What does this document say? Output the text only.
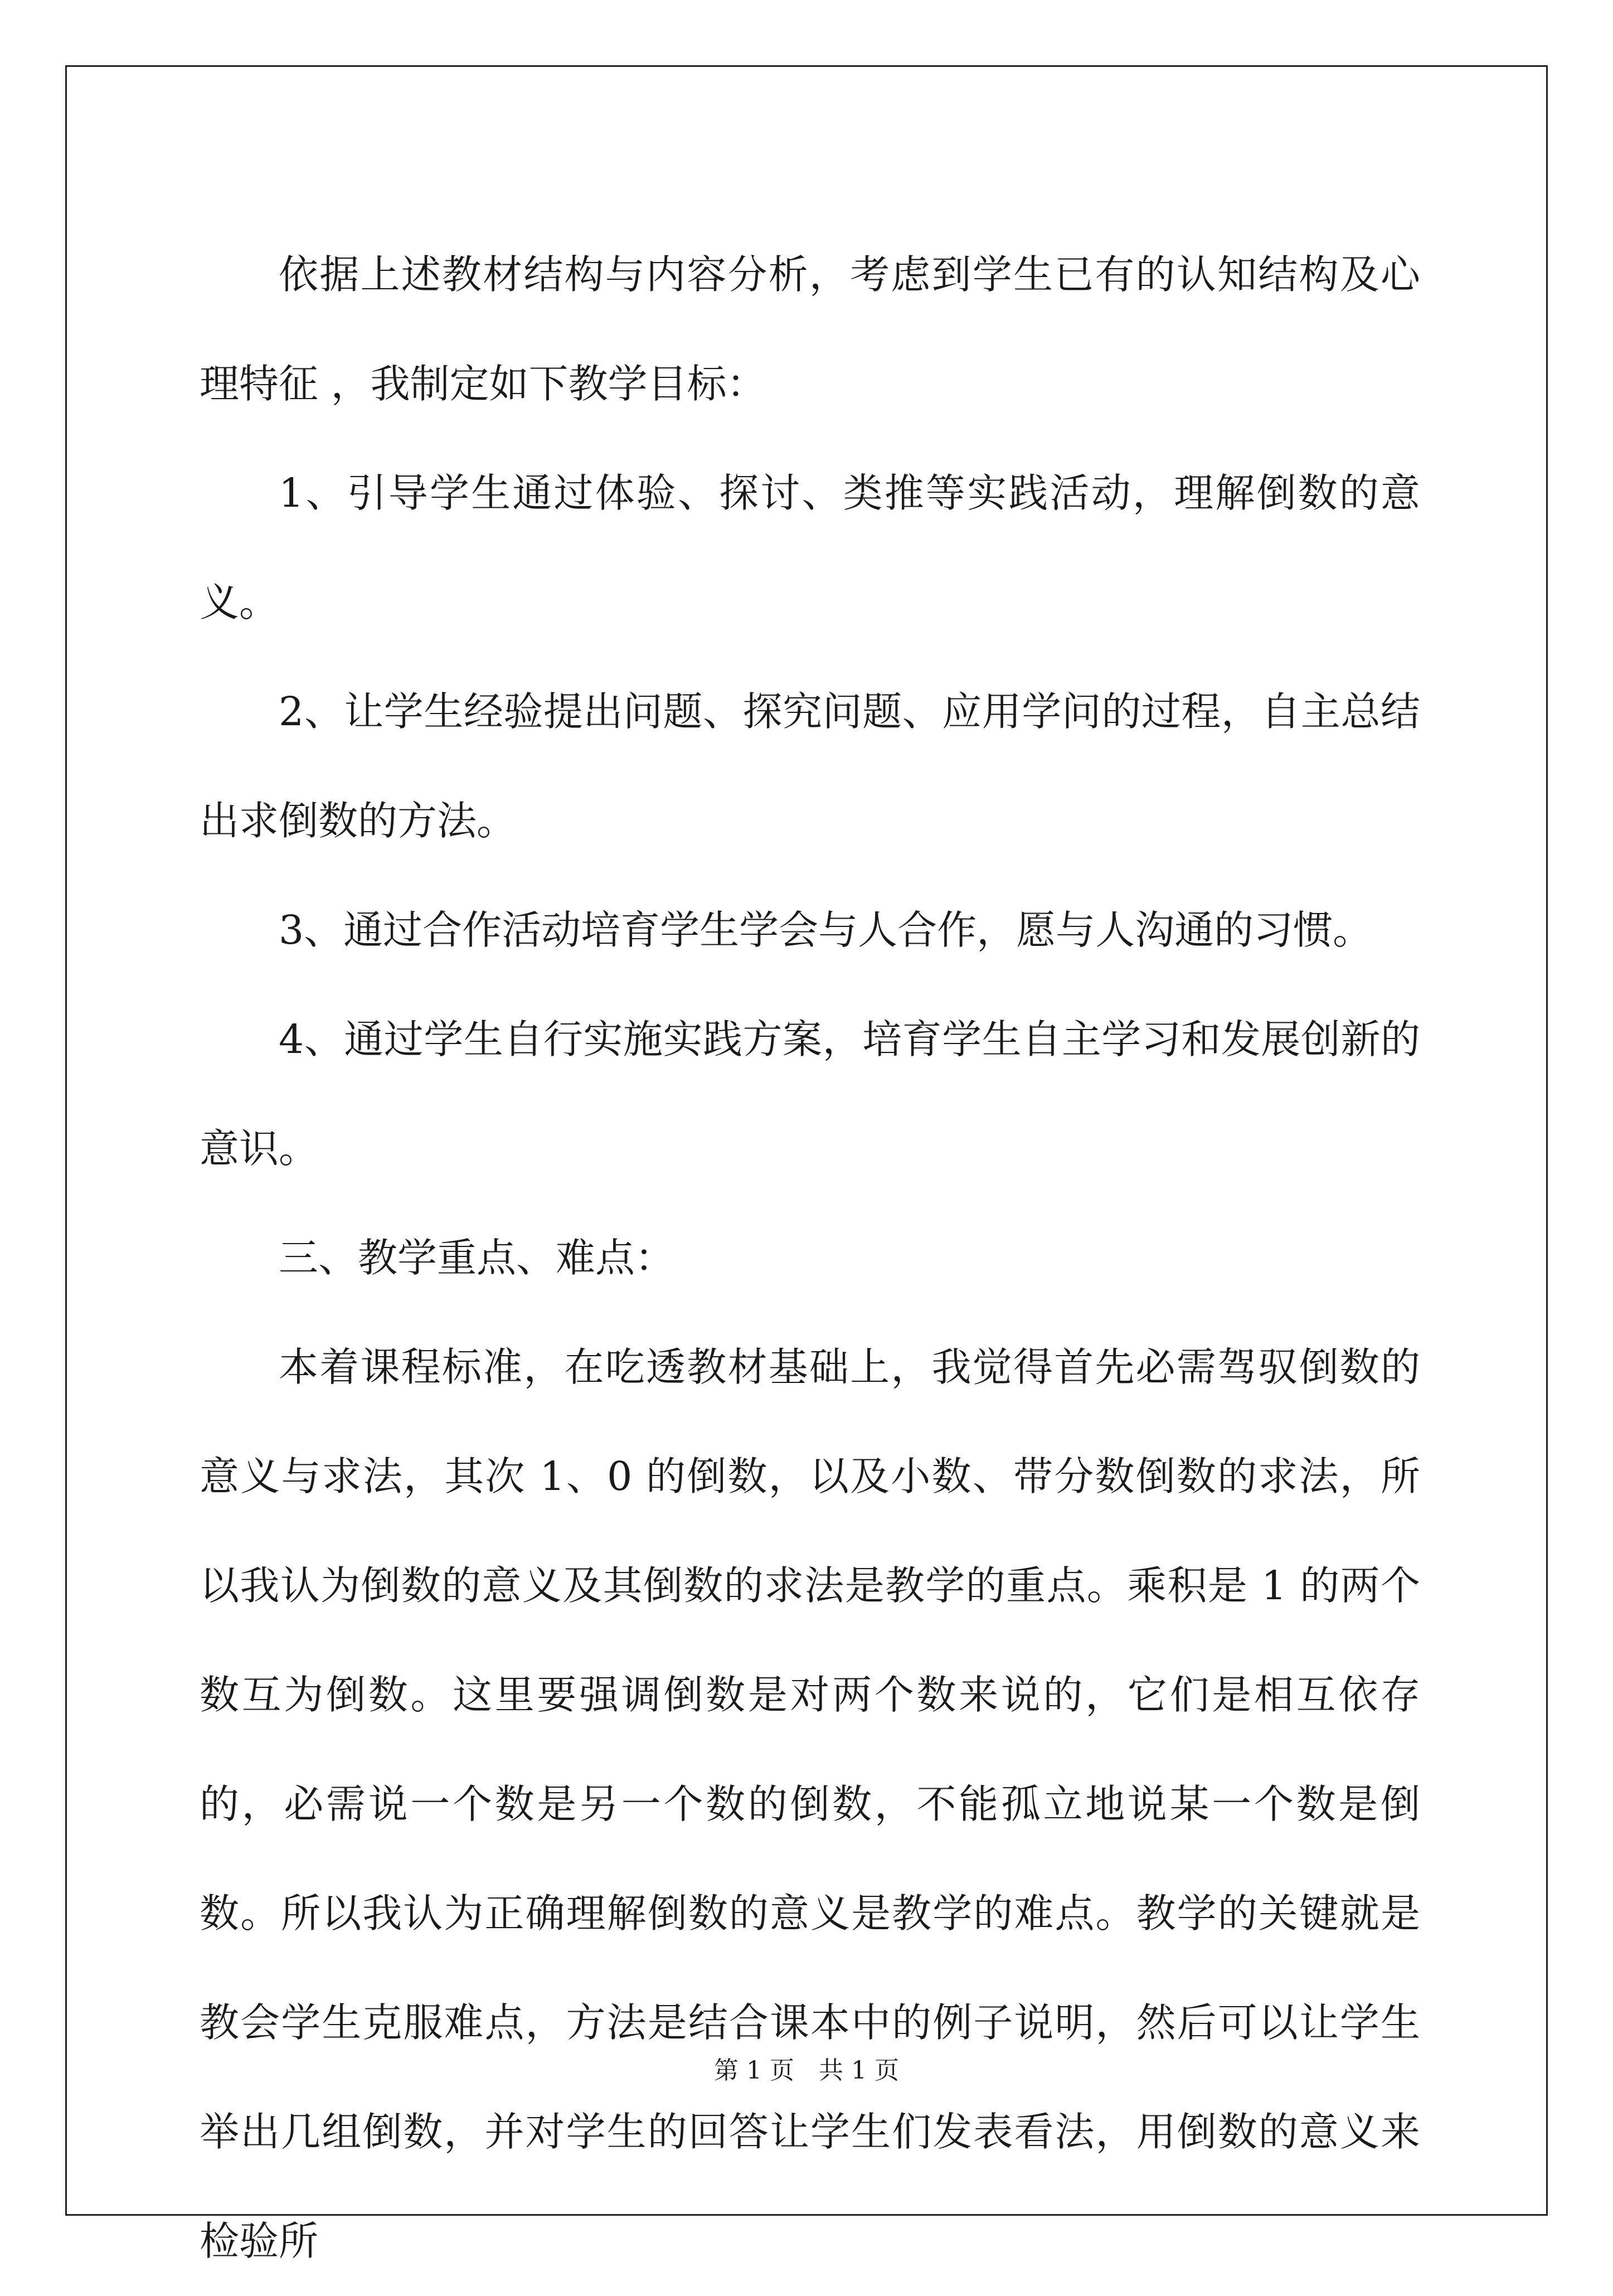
依据上述教材结构与内容分析，考虑到学生已有的认知结构及心理特征 ，我制定如下教学目标：

1、引导学生通过体验、探讨、类推等实践活动，理解倒数的意义。

2、让学生经验提出问题、探究问题、应用学问的过程，自主总结出求倒数的方法。

3、通过合作活动培育学生学会与人合作，愿与人沟通的习惯。

4、通过学生自行实施实践方案，培育学生自主学习和发展创新的意识。

三、教学重点、难点：

本着课程标准，在吃透教材基础上，我觉得首先必需驾驭倒数的意义与求法，其次 1、0 的倒数，以及小数、带分数倒数的求法，所以我认为倒数的意义及其倒数的求法是教学的重点。乘积是 1 的两个数互为倒数。这里要强调倒数是对两个数来说的，它们是相互依存的，必需说一个数是另一个数的倒数，不能孤立地说某一个数是倒数。所以我认为正确理解倒数的意义是教学的难点。教学的关键就是教会学生克服难点，方法是结合课本中的例子说明，然后可以让学生举出几组倒数，并对学生的回答让学生们发表看法，用倒数的意义来检验所

第 1 页　共 1 页
